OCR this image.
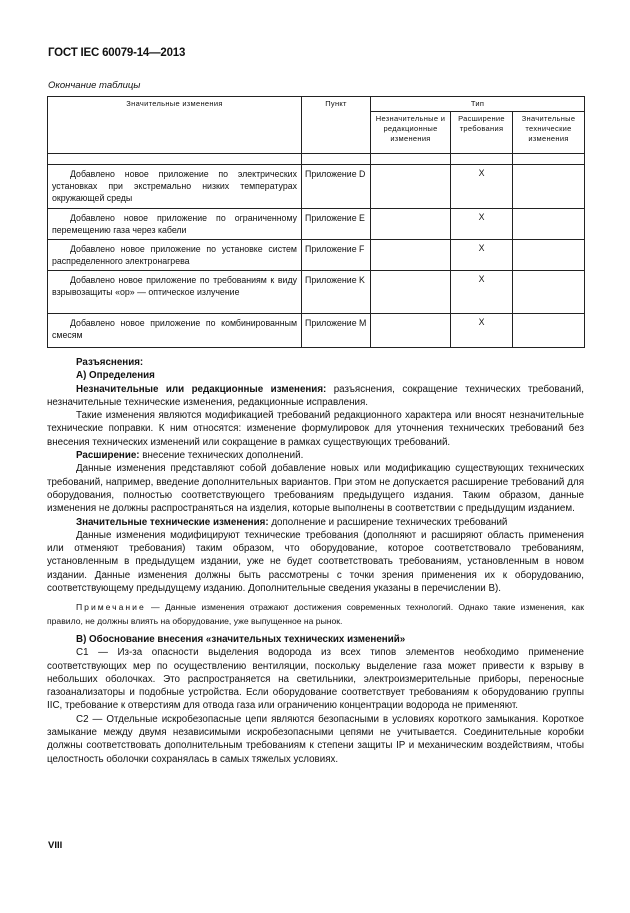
ГОСТ IEC 60079-14—2013
Окончание таблицы
Значительные изменения	Пункт	Тип		
		Незначительные и редакционные изменения	Расширение требования	Значительные технические изменения

Добавлено новое приложение по электрических установках при экстремально низких температурах окружающей среды	Приложение D		X	
Добавлено новое приложение по ограниченному перемещению газа через кабели	Приложение E		X	
Добавлено новое приложение по установке систем распределенного электронагрева	Приложение F		X	
Добавлено новое приложение по требованиям к виду взрывозащиты «ор» — оптическое излучение	Приложение K		X	
Добавлено новое приложение по комбинированным смесям	Приложение M		X	

Разъяснения:

А) Определения

Незначительные или редакционные изменения: разъяснения, сокращение технических требований, незначительные технические изменения, редакционные исправления.

Такие изменения являются модификацией требований редакционного характера или вносят незначительные технические поправки. К ним относятся: изменение формулировок для уточнения технических требований без внесения технических изменений или сокращение в рамках существующих требований.

Расширение: внесение технических дополнений.

Данные изменения представляют собой добавление новых или модификацию существующих технических требований, например, введение дополнительных вариантов. При этом не допускается расширение требований для оборудования, полностью соответствующего требованиям предыдущего издания. Таким образом, данные изменения не должны распространяться на изделия, которые выполнены в соответствии с предыдущим изданием.

Значительные технические изменения: дополнение и расширение технических требований

Данные изменения модифицируют технические требования (дополняют и расширяют область применения или отменяют требования) таким образом, что оборудование, которое соответствовало требованиям, установленным в предыдущем издании, уже не будет соответствовать требованиям, установленным в новом издании. Данные изменения должны быть рассмотрены с точки зрения применения их к оборудованию, соответствующему предыдущему изданию. Дополнительные сведения указаны в перечислении В).

Примечание — Данные изменения отражают достижения современных технологий. Однако такие изменения, как правило, не должны влиять на оборудование, уже выпущенное на рынок.

В) Обоснование внесения «значительных технических изменений»

С1 — Из-за опасности выделения водорода из всех типов элементов необходимо применение соответствующих мер по осуществлению вентиляции, поскольку выделение газа может привести к взрыву в небольших оболочках. Это распространяется на светильники, электроизмерительные приборы, переносные газоанализаторы и подобные устройства. Если оборудование соответствует требованиям к оборудованию группы IIC, требование к отверстиям для отвода газа или ограничению концентрации водорода не применяют.

С2 — Отдельные искробезопасные цепи являются безопасными в условиях короткого замыкания. Короткое замыкание между двумя независимыми искробезопасными цепями не учитывается. Соединительные коробки должны соответствовать дополнительным требованиям к степени защиты IP и механическим воздействиям, чтобы целостность оболочки сохранялась в самых тяжелых условиях.

VIII
